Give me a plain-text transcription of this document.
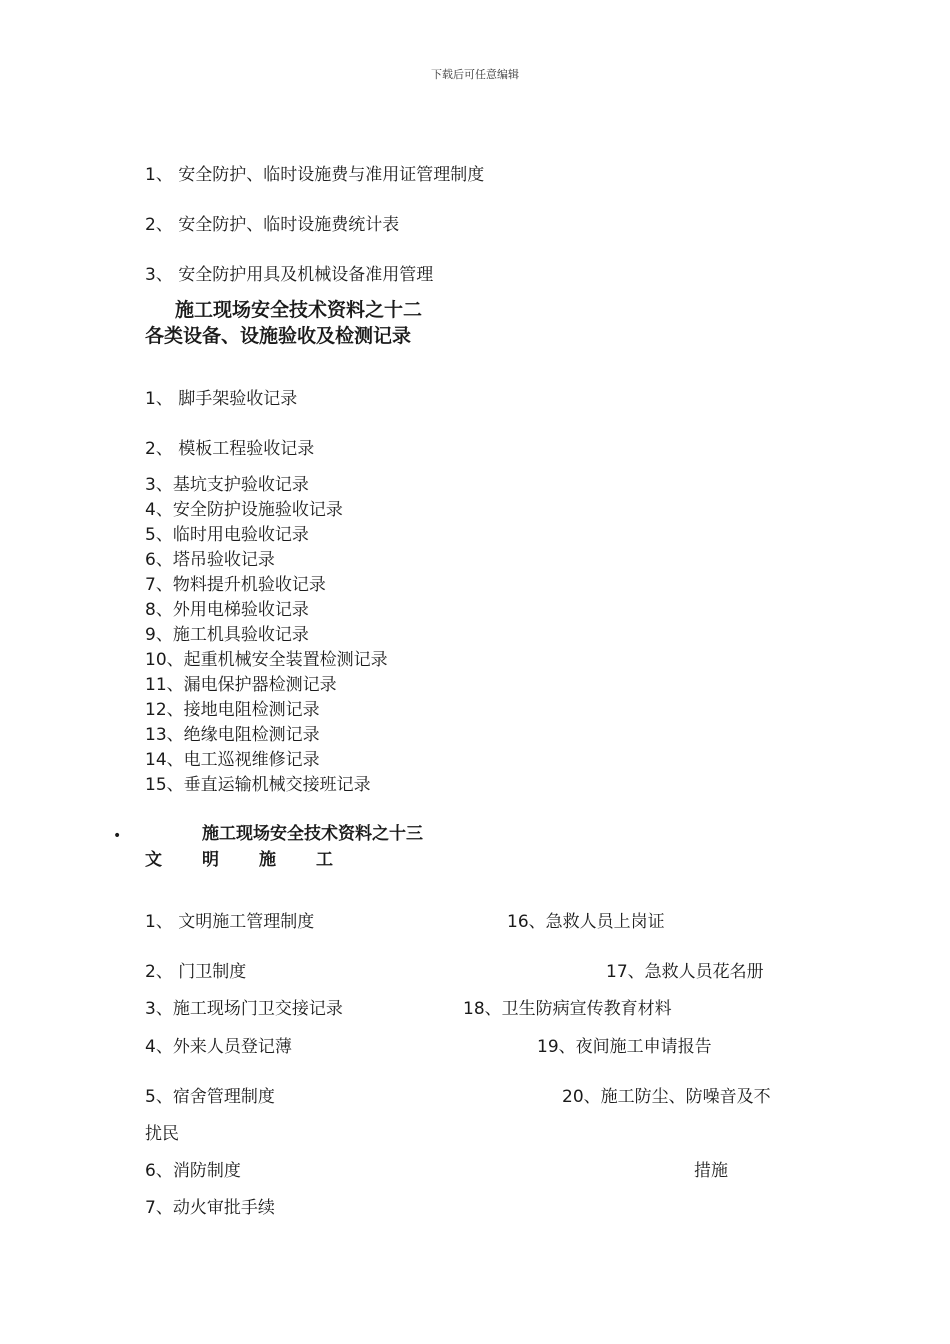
下载后可任意编辑
1、 安全防护、临时设施费与准用证管理制度
2、 安全防护、临时设施费统计表
3、 安全防护用具及机械设备准用管理
施工现场安全技术资料之十二
各类设备、设施验收及检测记录
1、 脚手架验收记录
2、 模板工程验收记录
3、基坑支护验收记录
4、安全防护设施验收记录
5、临时用电验收记录
6、塔吊验收记录
7、物料提升机验收记录
8、外用电梯验收记录
9、施工机具验收记录
10、起重机械安全装置检测记录
11、漏电保护器检测记录
12、接地电阻检测记录
13、绝缘电阻检测记录
14、电工巡视维修记录
15、垂直运输机械交接班记录
•	施工现场安全技术资料之十三
文 明 施 工
1、 文明施工管理制度	16、急救人员上岗证
2、 门卫制度	17、急救人员花名册
3、施工现场门卫交接记录	18、卫生防病宣传教育材料
4、外来人员登记薄	19、夜间施工申请报告
5、宿舍管理制度	20、施工防尘、防噪音及不
扰民
6、消防制度	措施
7、动火审批手续
